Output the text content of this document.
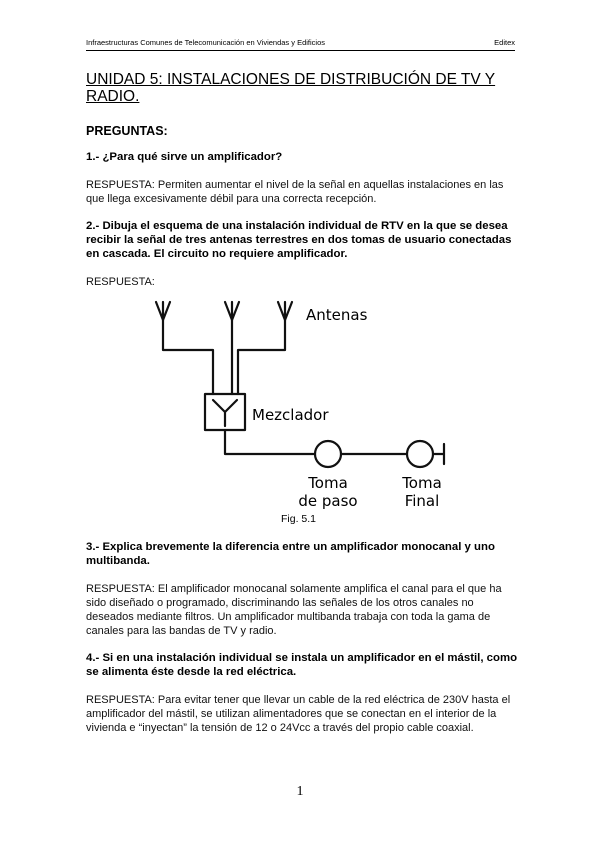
Infraestructuras Comunes de Telecomunicación en Viviendas y Edificios	Editex
UNIDAD 5: INSTALACIONES DE DISTRIBUCIÓN DE TV Y RADIO.
PREGUNTAS:

1.- ¿Para qué sirve un amplificador?

RESPUESTA: Permiten aumentar el nivel de la señal en aquellas instalaciones en las que llega excesivamente débil para una correcta recepción.

2.- Dibuja el esquema de una instalación individual de RTV en la que se desea recibir la señal de tres antenas terrestres en dos tomas de usuario conectadas en cascada. El circuito no requiere amplificador.

RESPUESTA:

Antenas
Mezclador
Toma
de paso
Toma
Final
Fig. 5.1

3.- Explica brevemente la diferencia entre un amplificador monocanal y uno multibanda.

RESPUESTA: El amplificador monocanal solamente amplifica el canal para el que ha sido diseñado o programado, discriminando las señales de los otros canales no deseados mediante filtros. Un amplificador multibanda trabaja con toda la gama de canales para las bandas de TV y radio.

4.- Si en una instalación individual se instala un amplificador en el mástil, como se alimenta éste desde la red eléctrica.

RESPUESTA: Para evitar tener que llevar un cable de la red eléctrica de 230V hasta el amplificador del mástil, se utilizan alimentadores que se conectan en el interior de la vivienda e “inyectan” la tensión de 12 o 24Vcc a través del propio cable coaxial.

1
